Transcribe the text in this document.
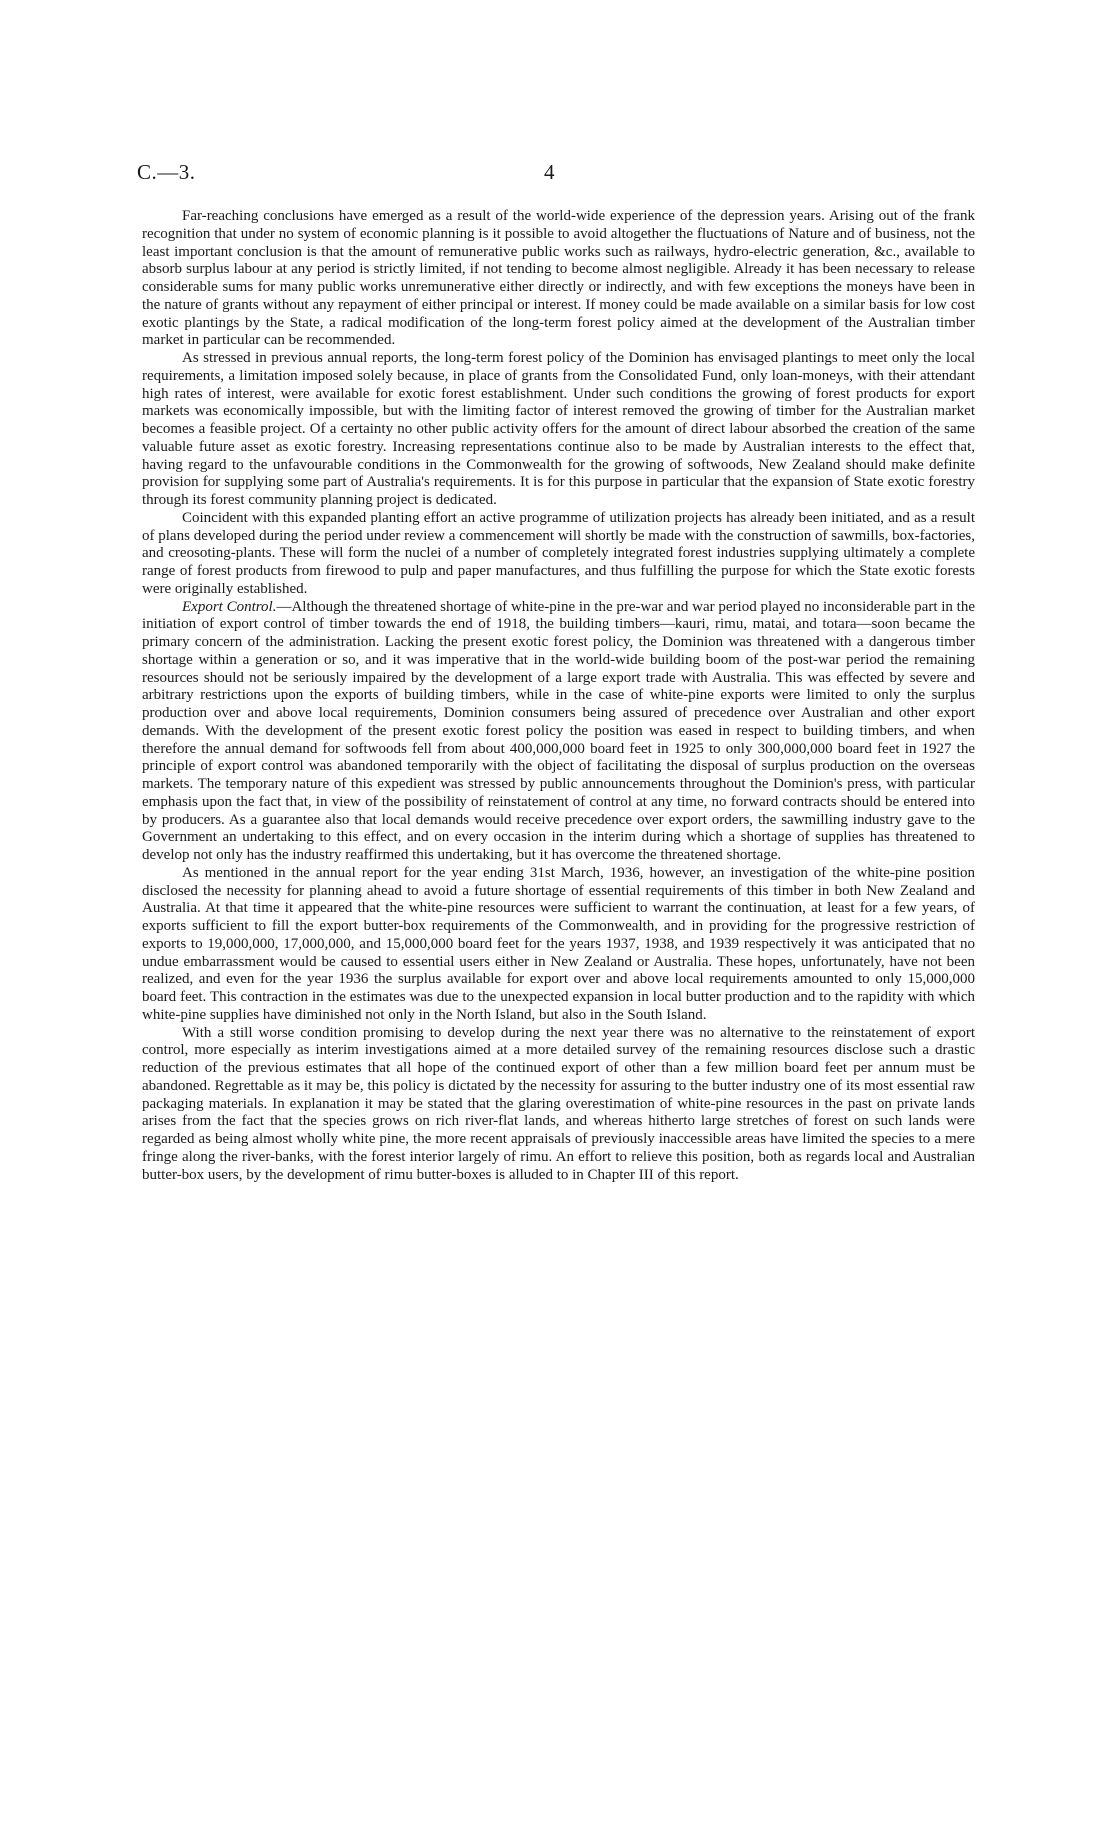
C.—3.	4

Far-reaching conclusions have emerged as a result of the world-wide experience of the depression years. Arising out of the frank recognition that under no system of economic planning is it possible to avoid altogether the fluctuations of Nature and of business, not the least important conclusion is that the amount of remunerative public works such as railways, hydro-electric generation, &c., available to absorb surplus labour at any period is strictly limited, if not tending to become almost negligible. Already it has been necessary to release considerable sums for many public works unremunerative either directly or indirectly, and with few exceptions the moneys have been in the nature of grants without any repayment of either principal or interest. If money could be made available on a similar basis for low cost exotic plantings by the State, a radical modification of the long-term forest policy aimed at the development of the Australian timber market in particular can be recommended.

As stressed in previous annual reports, the long-term forest policy of the Dominion has envisaged plantings to meet only the local requirements, a limitation imposed solely because, in place of grants from the Consolidated Fund, only loan-moneys, with their attendant high rates of interest, were available for exotic forest establishment. Under such conditions the growing of forest products for export markets was economically impossible, but with the limiting factor of interest removed the growing of timber for the Australian market becomes a feasible project. Of a certainty no other public activity offers for the amount of direct labour absorbed the creation of the same valuable future asset as exotic forestry. Increasing representations continue also to be made by Australian interests to the effect that, having regard to the unfavourable conditions in the Commonwealth for the growing of softwoods, New Zealand should make definite provision for supplying some part of Australia's requirements. It is for this purpose in particular that the expansion of State exotic forestry through its forest community planning project is dedicated.

Coincident with this expanded planting effort an active programme of utilization projects has already been initiated, and as a result of plans developed during the period under review a commencement will shortly be made with the construction of sawmills, box-factories, and creosoting-plants. These will form the nuclei of a number of completely integrated forest industries supplying ultimately a complete range of forest products from firewood to pulp and paper manufactures, and thus fulfilling the purpose for which the State exotic forests were originally established.

Export Control.—Although the threatened shortage of white-pine in the pre-war and war period played no inconsiderable part in the initiation of export control of timber towards the end of 1918, the building timbers—kauri, rimu, matai, and totara—soon became the primary concern of the administration. Lacking the present exotic forest policy, the Dominion was threatened with a dangerous timber shortage within a generation or so, and it was imperative that in the world-wide building boom of the post-war period the remaining resources should not be seriously impaired by the development of a large export trade with Australia. This was effected by severe and arbitrary restrictions upon the exports of building timbers, while in the case of white-pine exports were limited to only the surplus production over and above local requirements, Dominion consumers being assured of precedence over Australian and other export demands. With the development of the present exotic forest policy the position was eased in respect to building timbers, and when therefore the annual demand for softwoods fell from about 400,000,000 board feet in 1925 to only 300,000,000 board feet in 1927 the principle of export control was abandoned temporarily with the object of facilitating the disposal of surplus production on the overseas markets. The temporary nature of this expedient was stressed by public announcements throughout the Dominion's press, with particular emphasis upon the fact that, in view of the possibility of reinstatement of control at any time, no forward contracts should be entered into by producers. As a guarantee also that local demands would receive precedence over export orders, the sawmilling industry gave to the Government an undertaking to this effect, and on every occasion in the interim during which a shortage of supplies has threatened to develop not only has the industry reaffirmed this undertaking, but it has overcome the threatened shortage.

As mentioned in the annual report for the year ending 31st March, 1936, however, an investigation of the white-pine position disclosed the necessity for planning ahead to avoid a future shortage of essential requirements of this timber in both New Zealand and Australia. At that time it appeared that the white-pine resources were sufficient to warrant the continuation, at least for a few years, of exports sufficient to fill the export butter-box requirements of the Commonwealth, and in providing for the progressive restriction of exports to 19,000,000, 17,000,000, and 15,000,000 board feet for the years 1937, 1938, and 1939 respectively it was anticipated that no undue embarrassment would be caused to essential users either in New Zealand or Australia. These hopes, unfortunately, have not been realized, and even for the year 1936 the surplus available for export over and above local requirements amounted to only 15,000,000 board feet. This contraction in the estimates was due to the unexpected expansion in local butter production and to the rapidity with which white-pine supplies have diminished not only in the North Island, but also in the South Island.

With a still worse condition promising to develop during the next year there was no alternative to the reinstatement of export control, more especially as interim investigations aimed at a more detailed survey of the remaining resources disclose such a drastic reduction of the previous estimates that all hope of the continued export of other than a few million board feet per annum must be abandoned. Regrettable as it may be, this policy is dictated by the necessity for assuring to the butter industry one of its most essential raw packaging materials. In explanation it may be stated that the glaring overestimation of white-pine resources in the past on private lands arises from the fact that the species grows on rich river-flat lands, and whereas hitherto large stretches of forest on such lands were regarded as being almost wholly white pine, the more recent appraisals of previously inaccessible areas have limited the species to a mere fringe along the river-banks, with the forest interior largely of rimu. An effort to relieve this position, both as regards local and Australian butter-box users, by the development of rimu butter-boxes is alluded to in Chapter III of this report.
